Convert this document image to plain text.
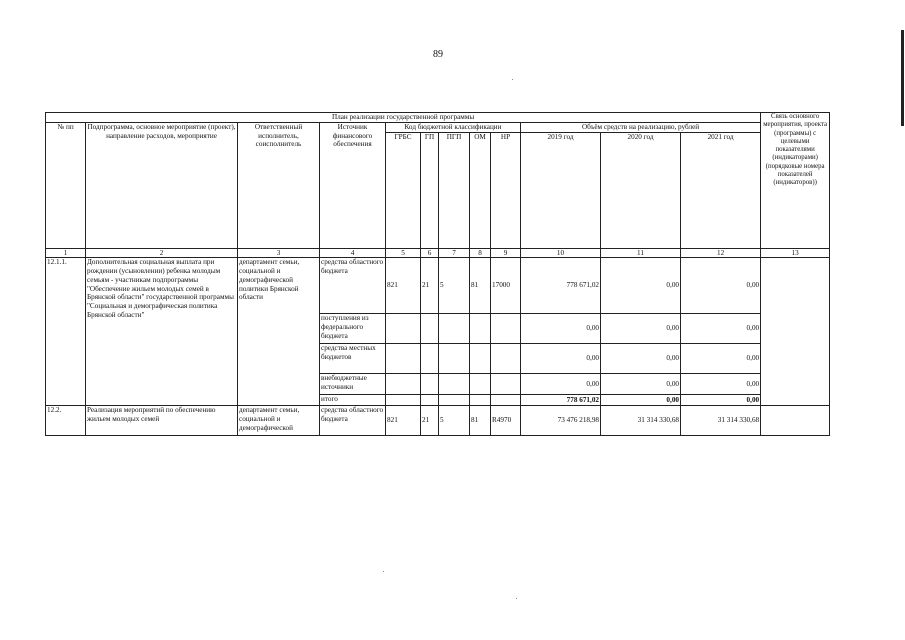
89
План реализации государственной программы												Связь основного мероприятия, проекта (программы) с целевыми показателями (индикаторами) (порядковые номера показателей (индикаторов))
№ пп	Подпрограмма, основное мероприятие (проект), направление расходов, мероприятие	Ответственный исполнитель, соисполнитель	Источник финансового обеспечения	Код бюджетной классификации					Объём средств на реализацию, рублей			
				ГРБС	ГП	ПГП	ОМ	НР	2019 год	2020 год	2021 год	
1	2	3	4	5	6	7	8	9	10	11	12	13
12.1.1.	Дополнительная социальная выплата при рождении (усыновлении) ребенка молодым семьям - участникам подпрограммы "Обеспечение жильем молодых семей в Брянской области" государственной программы "Социальная и демографическая политика Брянской области"	департамент семьи, социальной и демографической политики Брянской области	средства областного бюджета	821	21	5	81	17000	778 671,02	0,00	0,00	
			поступления из федерального бюджета						0,00	0,00	0,00	
			средства местных бюджетов						0,00	0,00	0,00	
			внебюджетные источники						0,00	0,00	0,00	
			итого						778 671,02	0,00	0,00	
12.2.	Реализация мероприятий по обеспечению жильем молодых семей	департамент семьи, социальной и демографической	средства областного бюджета	821	21	5	81	R4970	73 476 218,98	31 314 330,68	31 314 330,68	
